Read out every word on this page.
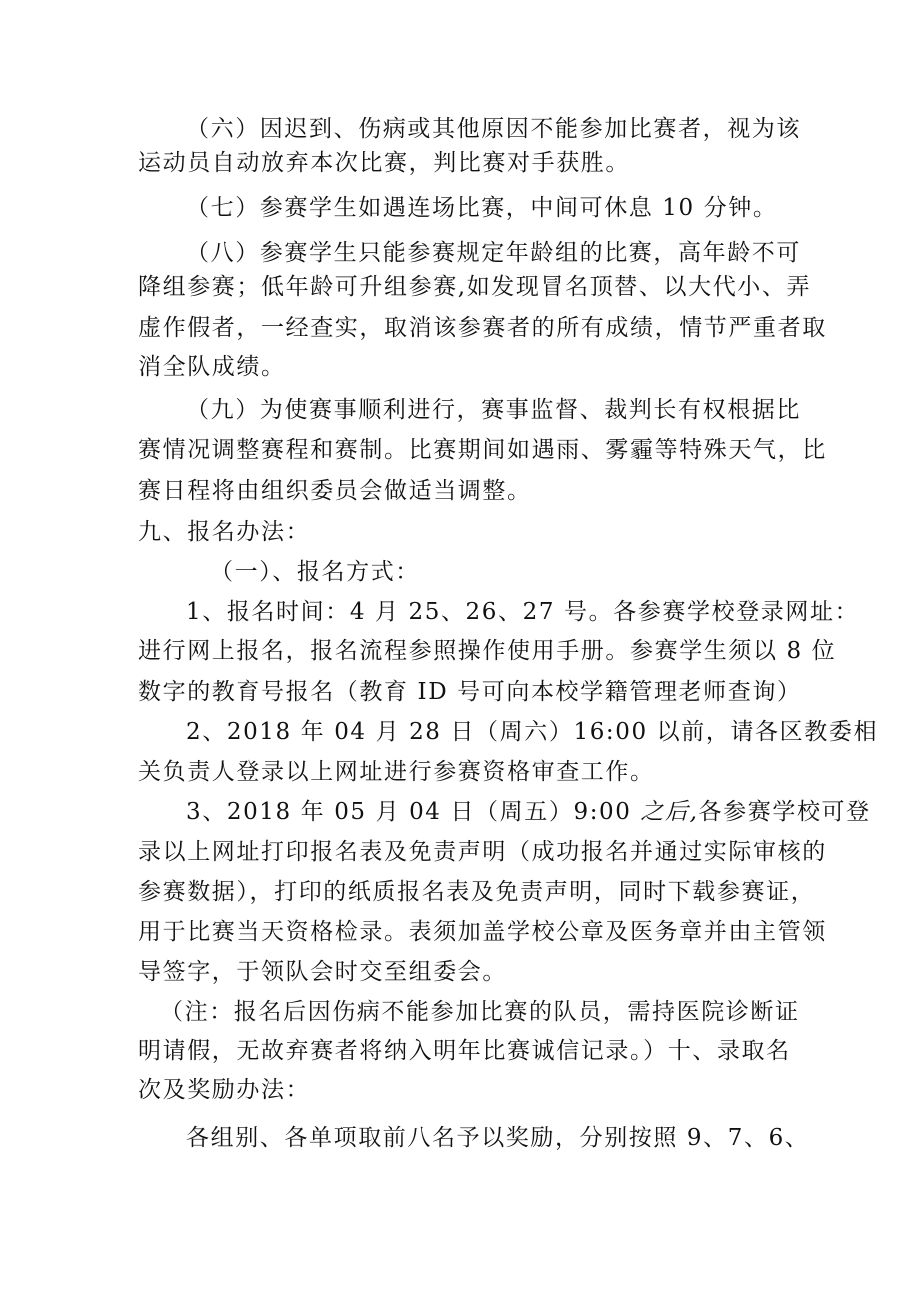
（六）因迟到、伤病或其他原因不能参加比赛者，视为该
运动员自动放弃本次比赛，判比赛对手获胜。
（七）参赛学生如遇连场比赛，中间可休息 10 分钟。
（八）参赛学生只能参赛规定年龄组的比赛，高年龄不可
降组参赛；低年龄可升组参赛,如发现冒名顶替、以大代小、弄
虚作假者，一经查实，取消该参赛者的所有成绩，情节严重者取
消全队成绩。
（九）为使赛事顺利进行，赛事监督、裁判长有权根据比
赛情况调整赛程和赛制。比赛期间如遇雨、雾霾等特殊天气，比
赛日程将由组织委员会做适当调整。
九、报名办法：
（一）、报名方式：
1、报名时间：4 月 25、26、27 号。各参赛学校登录网址：
进行网上报名，报名流程参照操作使用手册。参赛学生须以 8 位
数字的教育号报名（教育 ID 号可向本校学籍管理老师查询）
2、2018 年 04 月 28 日（周六）16:00 以前，请各区教委相
关负责人登录以上网址进行参赛资格审查工作。
3、2018 年 05 月 04 日（周五）9:00 之后,各参赛学校可登
录以上网址打印报名表及免责声明（成功报名并通过实际审核的
参赛数据），打印的纸质报名表及免责声明，同时下载参赛证，
用于比赛当天资格检录。表须加盖学校公章及医务章并由主管领
导签字，于领队会时交至组委会。
（注：报名后因伤病不能参加比赛的队员，需持医院诊断证
明请假，无故弃赛者将纳入明年比赛诚信记录。）十、录取名
次及奖励办法：
各组别、各单项取前八名予以奖励，分别按照 9、7、6、
